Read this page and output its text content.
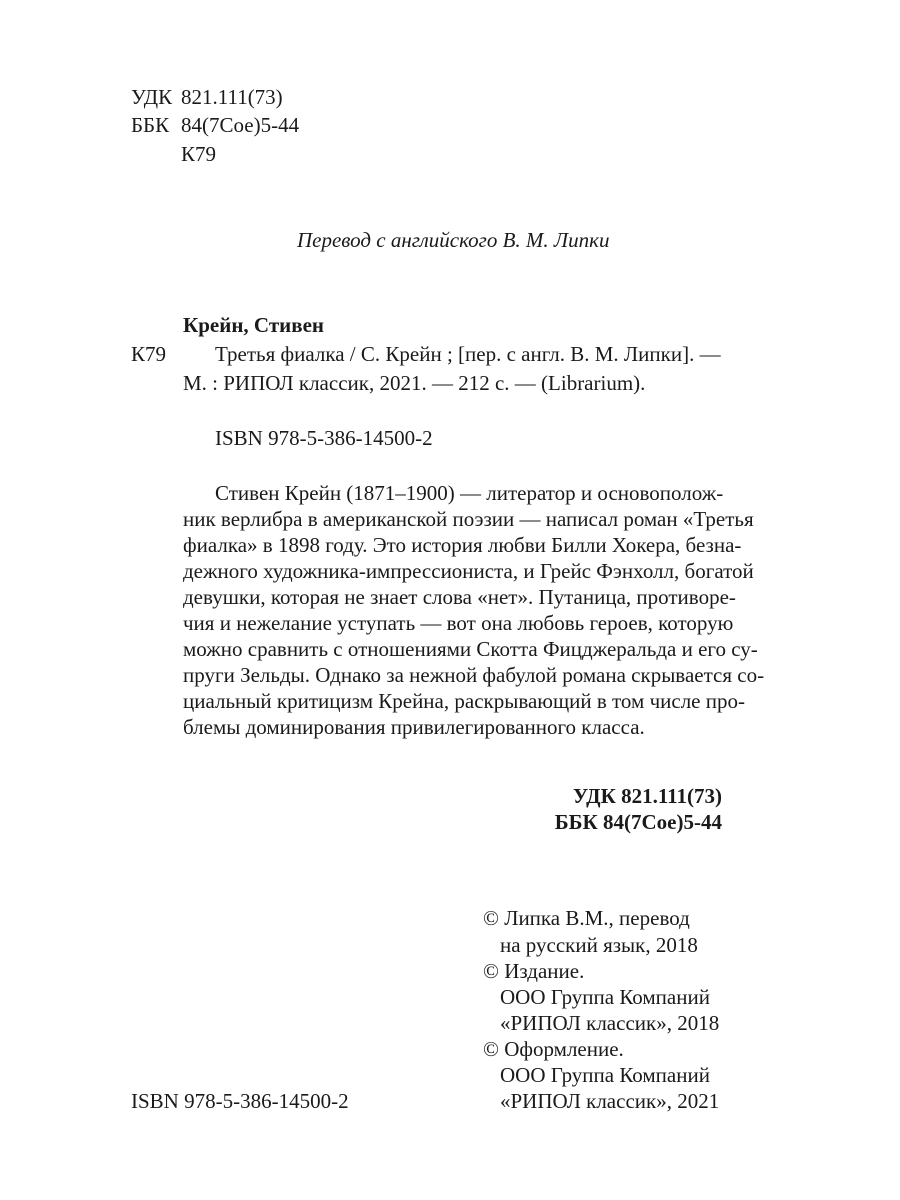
УДК 821.111(73)
ББК 84(7Сое)5-44
К79
Перевод с английского В. М. Липки
Крейн, Стивен
К79 Третья фиалка / С. Крейн ; [пер. с англ. В. М. Липки]. —
М. : РИПОЛ классик, 2021. — 212 с. — (Librarium).
ISBN 978-5-386-14500-2
Стивен Крейн (1871–1900) — литератор и основополож-
ник верлибра в американской поэзии — написал роман «Третья
фиалка» в 1898 году. Это история любви Билли Хокера, безна-
дежного художника-импрессиониста, и Грейс Фэнхолл, богатой
девушки, которая не знает слова «нет». Путаница, противоре-
чия и нежелание уступать — вот она любовь героев, которую
можно сравнить с отношениями Скотта Фицджеральда и его су-
пруги Зельды. Однако за нежной фабулой романа скрывается со-
циальный критицизм Крейна, раскрывающий в том числе про-
блемы доминирования привилегированного класса.
УДК 821.111(73)
ББК 84(7Сое)5-44
© Липка В.М., перевод
на русский язык, 2018
© Издание.
ООО Группа Компаний
«РИПОЛ классик», 2018
© Оформление.
ООО Группа Компаний
«РИПОЛ классик», 2021
ISBN 978-5-386-14500-2
